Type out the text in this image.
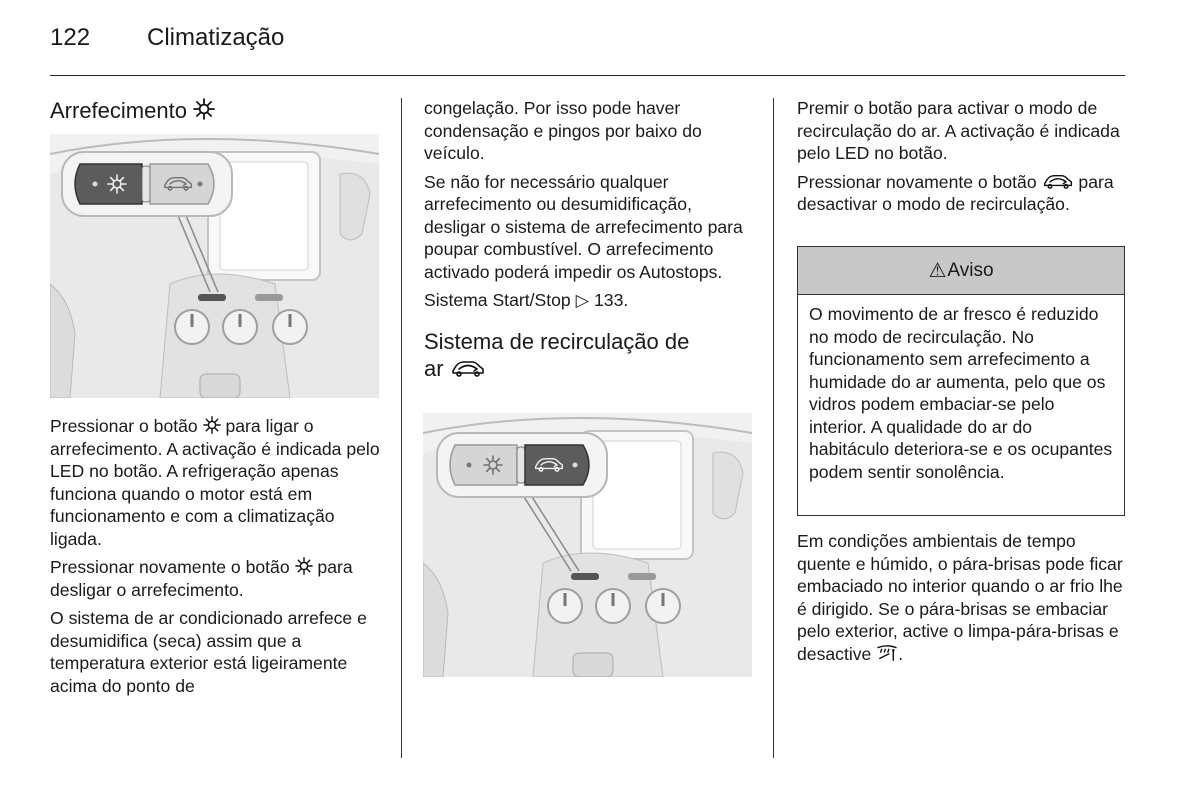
122 Climatização
Arrefecimento

Pressionar o botão para ligar o arrefecimento. A activação é indicada pelo LED no botão. A refrigeração apenas funciona quando o motor está em funcionamento e com a climatização ligada.

Pressionar novamente o botão para desligar o arrefecimento.

O sistema de ar condicionado arrefece e desumidifica (seca) assim que a temperatura exterior está ligeiramente acima do ponto de

congelação. Por isso pode haver condensação e pingos por baixo do veículo.

Se não for necessário qualquer arrefecimento ou desumidificação, desligar o sistema de arrefecimento para poupar combustível. O arrefecimento activado poderá impedir os Autostops.

Sistema Start/Stop ▷ 133.

Sistema de recirculação de
ar

Premir o botão para activar o modo de recirculação do ar. A activação é indicada pelo LED no botão.

Pressionar novamente o botão para desactivar o modo de recirculação.

⚠ Aviso
O movimento de ar fresco é reduzido no modo de recirculação. No funcionamento sem arrefecimento a humidade do ar aumenta, pelo que os vidros podem embaciar-se pelo interior. A qualidade do ar do habitáculo deteriora-se e os ocupantes podem sentir sonolência.

Em condições ambientais de tempo quente e húmido, o pára-brisas pode ficar embaciado no interior quando o ar frio lhe é dirigido. Se o pára-brisas se embaciar pelo exterior, active o limpa-pára-brisas e desactive .
